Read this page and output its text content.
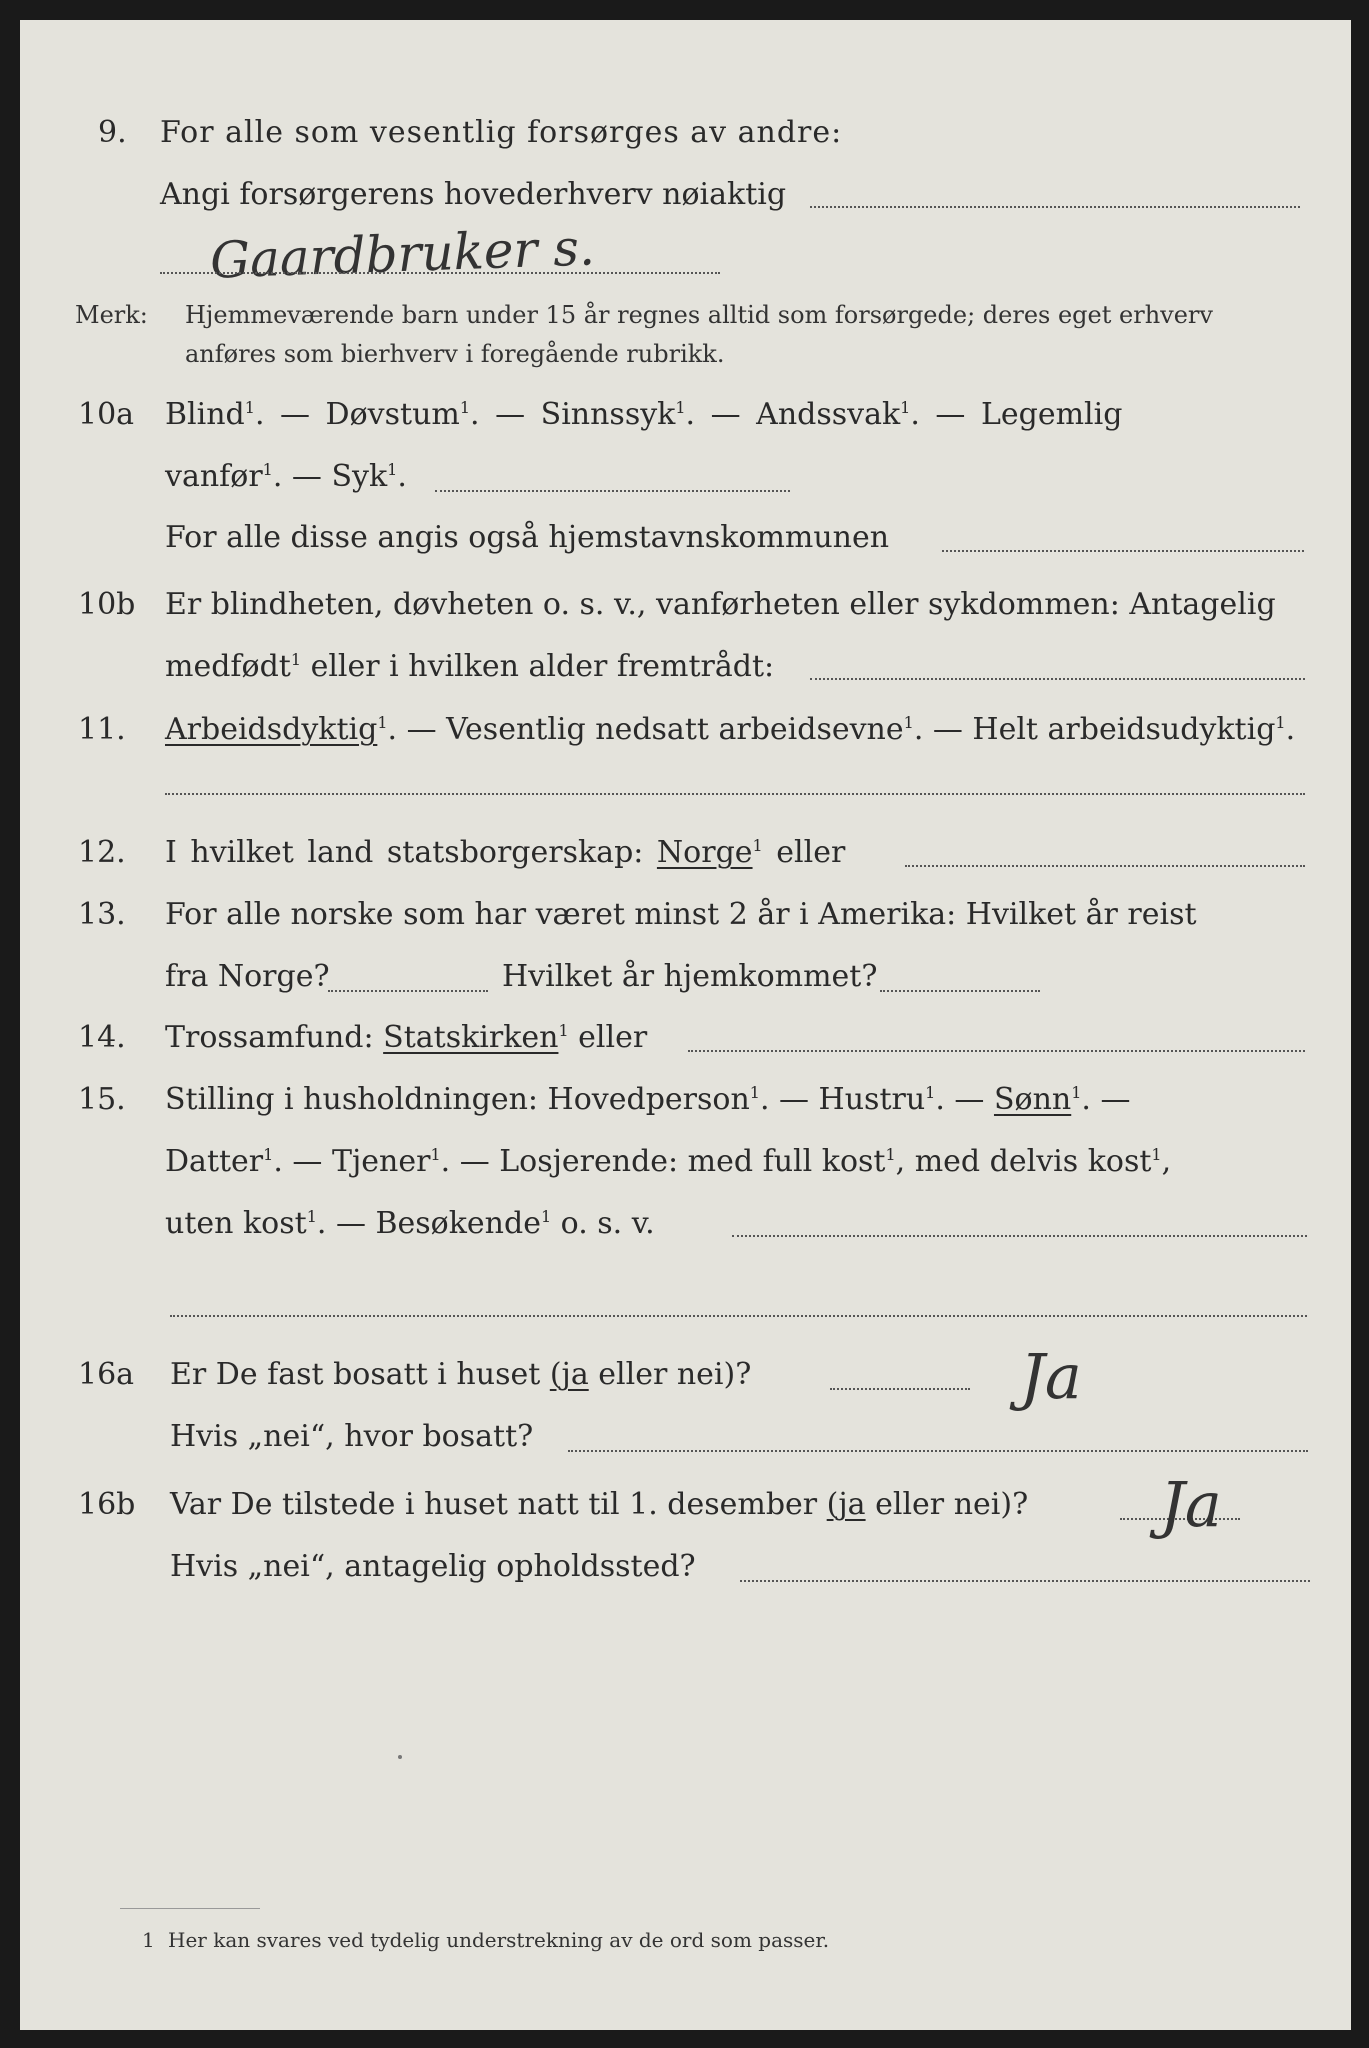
9. For alle som vesentlig forsørges av andre:
Angi forsørgerens hovederhverv nøiaktig
Gaardbruker s.
Merk: Hjemmeværende barn under 15 år regnes alltid som forsørgede; deres eget erhverv
anføres som bierhverv i foregående rubrikk.
10a Blind$^1$. — Døvstum$^1$. — Sinnssyk$^1$. — Andssvak$^1$. — Legemlig
vanfør$^1$. — Syk$^1$.
For alle disse angis også hjemstavnskommunen
10b Er blindheten, døvheten o. s. v., vanførheten eller sykdommen: Antagelig
medfødt$^1$ eller i hvilken alder fremtrådt:
11. Arbeidsdyktig$^1$. — Vesentlig nedsatt arbeidsevne$^1$. — Helt arbeidsudyktig$^1$.
12. I hvilket land statsborgerskap: Norge$^1$ eller
13. For alle norske som har været minst 2 år i Amerika: Hvilket år reist
fra Norge?	Hvilket år hjemkommet?
14. Trossamfund: Statskirken$^1$ eller
15. Stilling i husholdningen: Hovedperson$^1$. — Hustru$^1$. — Sønn$^1$. —
Datter$^1$. — Tjener$^1$. — Losjerende: med full kost$^1$, med delvis kost$^1$,
uten kost$^1$. — Besøkende$^1$ o. s. v.
16a Er De fast bosatt i huset (ja eller nei)?	Ja
Hvis „nei“, hvor bosatt?
16b Var De tilstede i huset natt til 1. desember (ja eller nei)? Ja
Hvis „nei“, antagelig opholdssted?
1 Her kan svares ved tydelig understrekning av de ord som passer.
